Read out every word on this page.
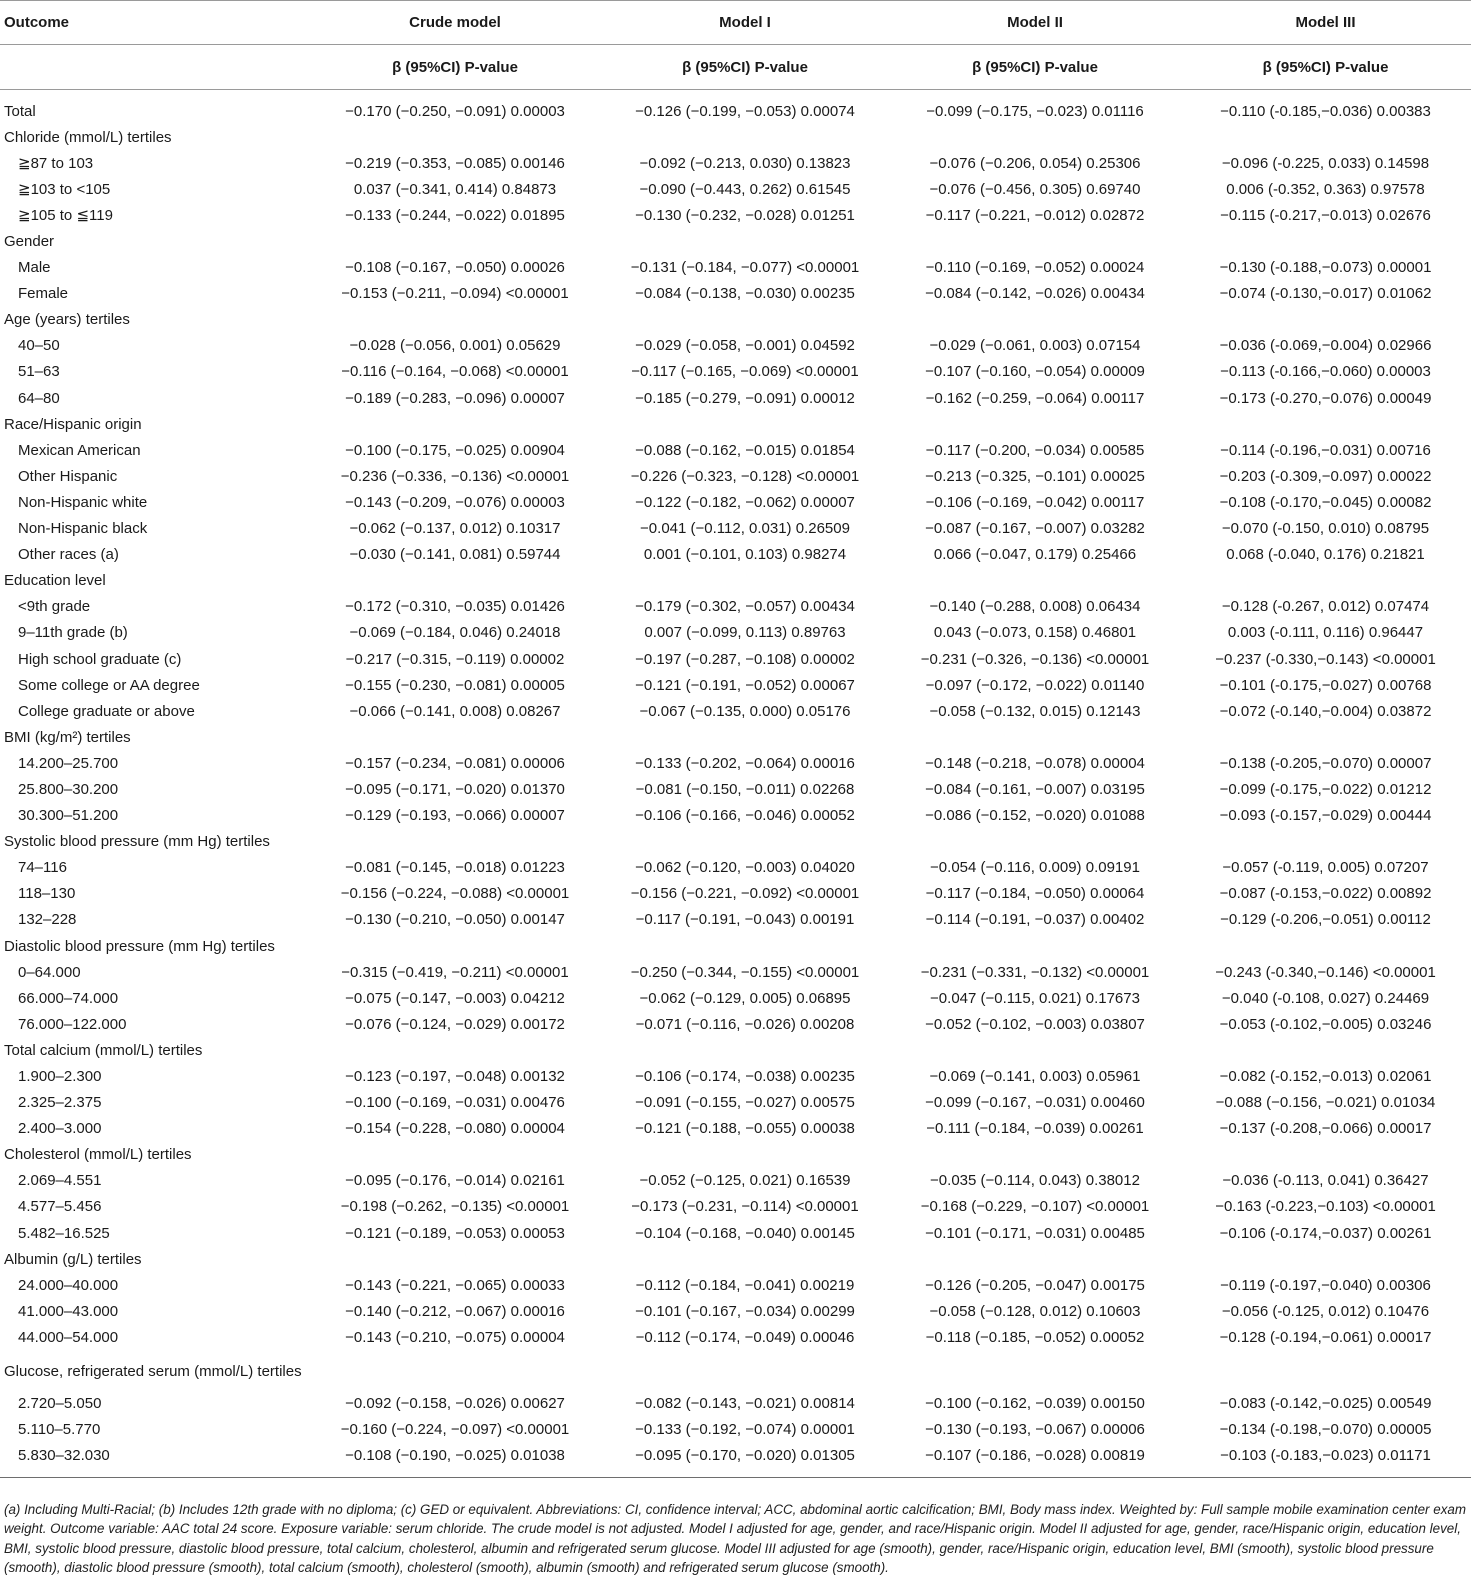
Outcome	Crude model	Model I	Model II	Model III
β (95%CI) P-value	β (95%CI) P-value	β (95%CI) P-value	β (95%CI) P-value
Total	−0.170 (−0.250, −0.091) 0.00003	−0.126 (−0.199, −0.053) 0.00074	−0.099 (−0.175, −0.023) 0.01116	−0.110 (-0.185,−0.036) 0.00383
Chloride (mmol/L) tertiles
≧87 to 103	−0.219 (−0.353, −0.085) 0.00146	−0.092 (−0.213, 0.030) 0.13823	−0.076 (−0.206, 0.054) 0.25306	−0.096 (-0.225, 0.033) 0.14598
≧103 to <105	0.037 (−0.341, 0.414) 0.84873	−0.090 (−0.443, 0.262) 0.61545	−0.076 (−0.456, 0.305) 0.69740	0.006 (-0.352, 0.363) 0.97578
≧105 to ≦119	−0.133 (−0.244, −0.022) 0.01895	−0.130 (−0.232, −0.028) 0.01251	−0.117 (−0.221, −0.012) 0.02872	−0.115 (-0.217,−0.013) 0.02676
Gender
Male	−0.108 (−0.167, −0.050) 0.00026	−0.131 (−0.184, −0.077) <0.00001	−0.110 (−0.169, −0.052) 0.00024	−0.130 (-0.188,−0.073) 0.00001
Female	−0.153 (−0.211, −0.094) <0.00001	−0.084 (−0.138, −0.030) 0.00235	−0.084 (−0.142, −0.026) 0.00434	−0.074 (-0.130,−0.017) 0.01062
Age (years) tertiles
40–50	−0.028 (−0.056, 0.001) 0.05629	−0.029 (−0.058, −0.001) 0.04592	−0.029 (−0.061, 0.003) 0.07154	−0.036 (-0.069,−0.004) 0.02966
51–63	−0.116 (−0.164, −0.068) <0.00001	−0.117 (−0.165, −0.069) <0.00001	−0.107 (−0.160, −0.054) 0.00009	−0.113 (-0.166,−0.060) 0.00003
64–80	−0.189 (−0.283, −0.096) 0.00007	−0.185 (−0.279, −0.091) 0.00012	−0.162 (−0.259, −0.064) 0.00117	−0.173 (-0.270,−0.076) 0.00049
Race/Hispanic origin
Mexican American	−0.100 (−0.175, −0.025) 0.00904	−0.088 (−0.162, −0.015) 0.01854	−0.117 (−0.200, −0.034) 0.00585	−0.114 (-0.196,−0.031) 0.00716
Other Hispanic	−0.236 (−0.336, −0.136) <0.00001	−0.226 (−0.323, −0.128) <0.00001	−0.213 (−0.325, −0.101) 0.00025	−0.203 (-0.309,−0.097) 0.00022
Non-Hispanic white	−0.143 (−0.209, −0.076) 0.00003	−0.122 (−0.182, −0.062) 0.00007	−0.106 (−0.169, −0.042) 0.00117	−0.108 (-0.170,−0.045) 0.00082
Non-Hispanic black	−0.062 (−0.137, 0.012) 0.10317	−0.041 (−0.112, 0.031) 0.26509	−0.087 (−0.167, −0.007) 0.03282	−0.070 (-0.150, 0.010) 0.08795
Other races (a)	−0.030 (−0.141, 0.081) 0.59744	0.001 (−0.101, 0.103) 0.98274	0.066 (−0.047, 0.179) 0.25466	0.068 (-0.040, 0.176) 0.21821
Education level
<9th grade	−0.172 (−0.310, −0.035) 0.01426	−0.179 (−0.302, −0.057) 0.00434	−0.140 (−0.288, 0.008) 0.06434	−0.128 (-0.267, 0.012) 0.07474
9–11th grade (b)	−0.069 (−0.184, 0.046) 0.24018	0.007 (−0.099, 0.113) 0.89763	0.043 (−0.073, 0.158) 0.46801	0.003 (-0.111, 0.116) 0.96447
High school graduate (c)	−0.217 (−0.315, −0.119) 0.00002	−0.197 (−0.287, −0.108) 0.00002	−0.231 (−0.326, −0.136) <0.00001	−0.237 (-0.330,−0.143) <0.00001
Some college or AA degree	−0.155 (−0.230, −0.081) 0.00005	−0.121 (−0.191, −0.052) 0.00067	−0.097 (−0.172, −0.022) 0.01140	−0.101 (-0.175,−0.027) 0.00768
College graduate or above	−0.066 (−0.141, 0.008) 0.08267	−0.067 (−0.135, 0.000) 0.05176	−0.058 (−0.132, 0.015) 0.12143	−0.072 (-0.140,−0.004) 0.03872
BMI (kg/m²) tertiles
14.200–25.700	−0.157 (−0.234, −0.081) 0.00006	−0.133 (−0.202, −0.064) 0.00016	−0.148 (−0.218, −0.078) 0.00004	−0.138 (-0.205,−0.070) 0.00007
25.800–30.200	−0.095 (−0.171, −0.020) 0.01370	−0.081 (−0.150, −0.011) 0.02268	−0.084 (−0.161, −0.007) 0.03195	−0.099 (-0.175,−0.022) 0.01212
30.300–51.200	−0.129 (−0.193, −0.066) 0.00007	−0.106 (−0.166, −0.046) 0.00052	−0.086 (−0.152, −0.020) 0.01088	−0.093 (-0.157,−0.029) 0.00444
Systolic blood pressure (mm Hg) tertiles
74–116	−0.081 (−0.145, −0.018) 0.01223	−0.062 (−0.120, −0.003) 0.04020	−0.054 (−0.116, 0.009) 0.09191	−0.057 (-0.119, 0.005) 0.07207
118–130	−0.156 (−0.224, −0.088) <0.00001	−0.156 (−0.221, −0.092) <0.00001	−0.117 (−0.184, −0.050) 0.00064	−0.087 (-0.153,−0.022) 0.00892
132–228	−0.130 (−0.210, −0.050) 0.00147	−0.117 (−0.191, −0.043) 0.00191	−0.114 (−0.191, −0.037) 0.00402	−0.129 (-0.206,−0.051) 0.00112
Diastolic blood pressure (mm Hg) tertiles
0–64.000	−0.315 (−0.419, −0.211) <0.00001	−0.250 (−0.344, −0.155) <0.00001	−0.231 (−0.331, −0.132) <0.00001	−0.243 (-0.340,−0.146) <0.00001
66.000–74.000	−0.075 (−0.147, −0.003) 0.04212	−0.062 (−0.129, 0.005) 0.06895	−0.047 (−0.115, 0.021) 0.17673	−0.040 (-0.108, 0.027) 0.24469
76.000–122.000	−0.076 (−0.124, −0.029) 0.00172	−0.071 (−0.116, −0.026) 0.00208	−0.052 (−0.102, −0.003) 0.03807	−0.053 (-0.102,−0.005) 0.03246
Total calcium (mmol/L) tertiles
1.900–2.300	−0.123 (−0.197, −0.048) 0.00132	−0.106 (−0.174, −0.038) 0.00235	−0.069 (−0.141, 0.003) 0.05961	−0.082 (-0.152,−0.013) 0.02061
2.325–2.375	−0.100 (−0.169, −0.031) 0.00476	−0.091 (−0.155, −0.027) 0.00575	−0.099 (−0.167, −0.031) 0.00460	−0.088 (−0.156, −0.021) 0.01034
2.400–3.000	−0.154 (−0.228, −0.080) 0.00004	−0.121 (−0.188, −0.055) 0.00038	−0.111 (−0.184, −0.039) 0.00261	−0.137 (-0.208,−0.066) 0.00017
Cholesterol (mmol/L) tertiles
2.069–4.551	−0.095 (−0.176, −0.014) 0.02161	−0.052 (−0.125, 0.021) 0.16539	−0.035 (−0.114, 0.043) 0.38012	−0.036 (-0.113, 0.041) 0.36427
4.577–5.456	−0.198 (−0.262, −0.135) <0.00001	−0.173 (−0.231, −0.114) <0.00001	−0.168 (−0.229, −0.107) <0.00001	−0.163 (-0.223,−0.103) <0.00001
5.482–16.525	−0.121 (−0.189, −0.053) 0.00053	−0.104 (−0.168, −0.040) 0.00145	−0.101 (−0.171, −0.031) 0.00485	−0.106 (-0.174,−0.037) 0.00261
Albumin (g/L) tertiles
24.000–40.000	−0.143 (−0.221, −0.065) 0.00033	−0.112 (−0.184, −0.041) 0.00219	−0.126 (−0.205, −0.047) 0.00175	−0.119 (-0.197,−0.040) 0.00306
41.000–43.000	−0.140 (−0.212, −0.067) 0.00016	−0.101 (−0.167, −0.034) 0.00299	−0.058 (−0.128, 0.012) 0.10603	−0.056 (-0.125, 0.012) 0.10476
44.000–54.000	−0.143 (−0.210, −0.075) 0.00004	−0.112 (−0.174, −0.049) 0.00046	−0.118 (−0.185, −0.052) 0.00052	−0.128 (-0.194,−0.061) 0.00017
Glucose, refrigerated serum (mmol/L) tertiles
2.720–5.050	−0.092 (−0.158, −0.026) 0.00627	−0.082 (−0.143, −0.021) 0.00814	−0.100 (−0.162, −0.039) 0.00150	−0.083 (-0.142,−0.025) 0.00549
5.110–5.770	−0.160 (−0.224, −0.097) <0.00001	−0.133 (−0.192, −0.074) 0.00001	−0.130 (−0.193, −0.067) 0.00006	−0.134 (-0.198,−0.070) 0.00005
5.830–32.030	−0.108 (−0.190, −0.025) 0.01038	−0.095 (−0.170, −0.020) 0.01305	−0.107 (−0.186, −0.028) 0.00819	−0.103 (-0.183,−0.023) 0.01171
(a) Including Multi-Racial; (b) Includes 12th grade with no diploma; (c) GED or equivalent. Abbreviations: CI, confidence interval; ACC, abdominal aortic calcification; BMI, Body mass index. Weighted by: Full sample mobile examination center exam weight. Outcome variable: AAC total 24 score. Exposure variable: serum chloride. The crude model is not adjusted. Model I adjusted for age, gender, and race/Hispanic origin. Model II adjusted for age, gender, race/Hispanic origin, education level, BMI, systolic blood pressure, diastolic blood pressure, total calcium, cholesterol, albumin and refrigerated serum glucose. Model III adjusted for age (smooth), gender, race/Hispanic origin, education level, BMI (smooth), systolic blood pressure (smooth), diastolic blood pressure (smooth), total calcium (smooth), cholesterol (smooth), albumin (smooth) and refrigerated serum glucose (smooth).
